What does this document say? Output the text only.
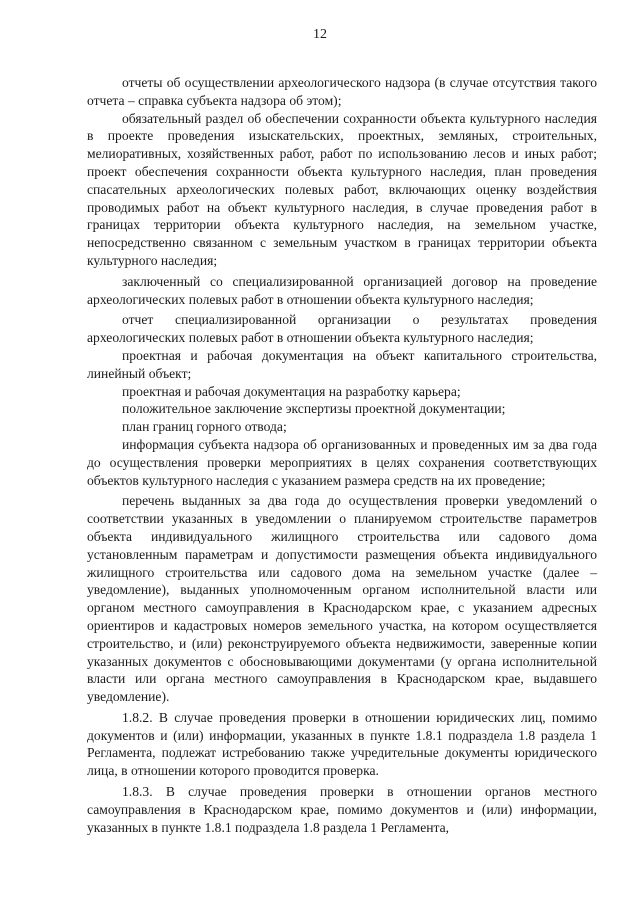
12

отчеты об осуществлении археологического надзора (в случае отсутствия такого отчета – справка субъекта надзора об этом);

обязательный раздел об обеспечении сохранности объекта культурного наследия в проекте проведения изыскательских, проектных, земляных, строительных, мелиоративных, хозяйственных работ, работ по использованию лесов и иных работ; проект обеспечения сохранности объекта культурного наследия, план проведения спасательных археологических полевых работ, включающих оценку воздействия проводимых работ на объект культурного наследия, в случае проведения работ в границах территории объекта культурного наследия, на земельном участке, непосредственно связанном с земельным участком в границах территории объекта культурного наследия;

заключенный со специализированной организацией договор на проведение археологических полевых работ в отношении объекта культурного наследия;

отчет специализированной организации о результатах проведения археологических полевых работ в отношении объекта культурного наследия;

проектная и рабочая документация на объект капитального строительства, линейный объект;

проектная и рабочая документация на разработку карьера;

положительное заключение экспертизы проектной документации;

план границ горного отвода;

информация субъекта надзора об организованных и проведенных им за два года до осуществления проверки мероприятиях в целях сохранения соответствующих объектов культурного наследия с указанием размера средств на их проведение;

перечень выданных за два года до осуществления проверки уведомлений о соответствии указанных в уведомлении о планируемом строительстве параметров объекта индивидуального жилищного строительства или садового дома установленным параметрам и допустимости размещения объекта индивидуального жилищного строительства или садового дома на земельном участке (далее – уведомление), выданных уполномоченным органом исполнительной власти или органом местного самоуправления в Краснодарском крае, с указанием адресных ориентиров и кадастровых номеров земельного участка, на котором осуществляется строительство, и (или) реконструируемого объекта недвижимости, заверенные копии указанных документов с обосновывающими документами (у органа исполнительной власти или органа местного самоуправления в Краснодарском крае, выдавшего уведомление).

1.8.2. В случае проведения проверки в отношении юридических лиц, помимо документов и (или) информации, указанных в пункте 1.8.1 подраздела 1.8 раздела 1 Регламента, подлежат истребованию также учредительные документы юридического лица, в отношении которого проводится проверка.

1.8.3. В случае проведения проверки в отношении органов местного самоуправления в Краснодарском крае, помимо документов и (или) информации, указанных в пункте 1.8.1 подраздела 1.8 раздела 1 Регламента,
